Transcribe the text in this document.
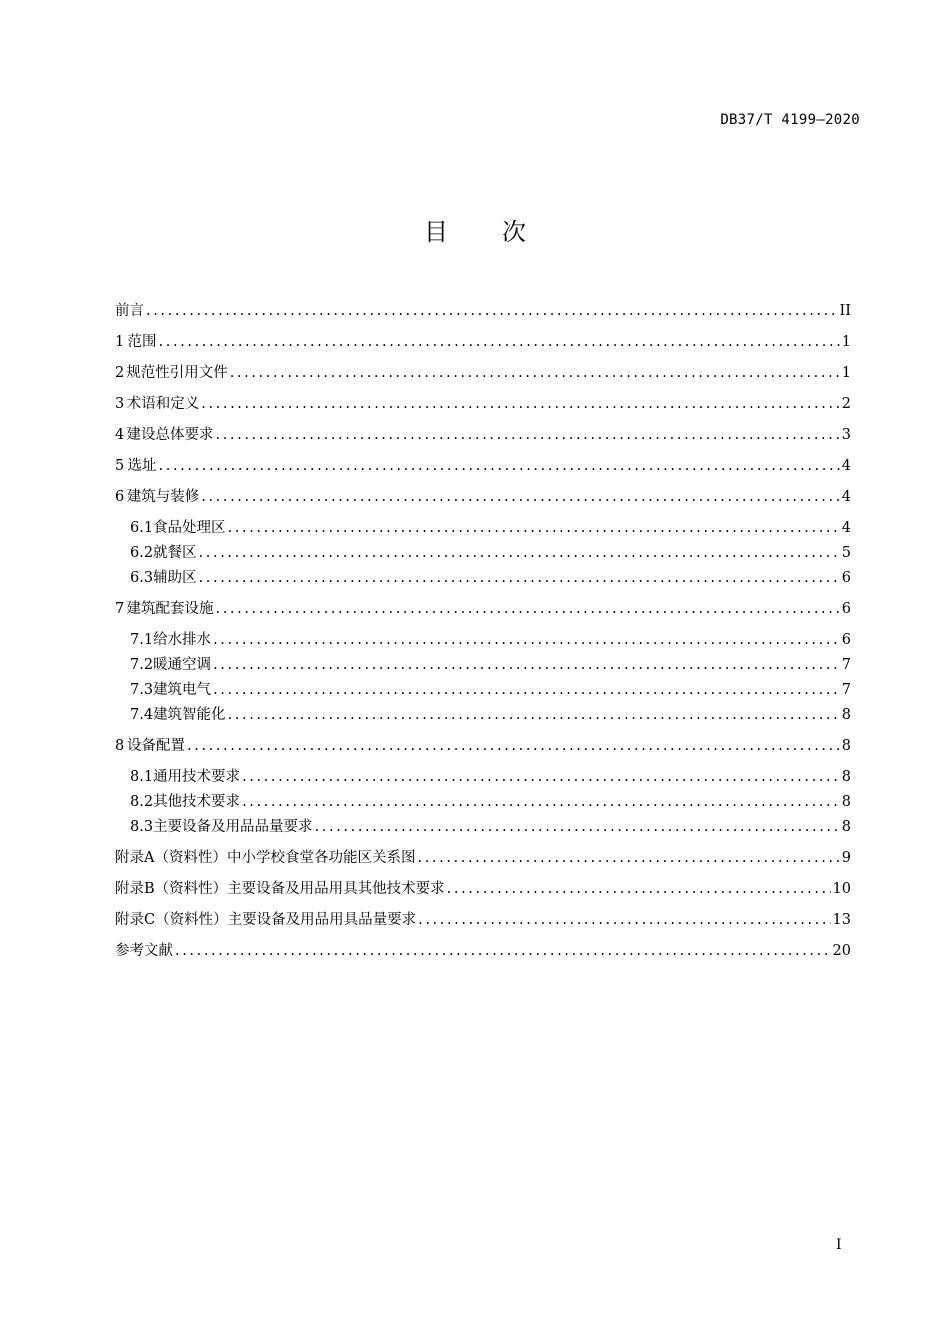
DB37/T 4199—2020
目 次
前言 .....	II
1 范围 .....	1
2 规范性引用文件 .....	1
3 术语和定义 .....	2
4 建设总体要求 .....	3
5 选址 .....	4
6 建筑与装修 .....	4
6.1 食品处理区 .....	4
6.2 就餐区 .....	5
6.3 辅助区 .....	6
7 建筑配套设施 .....	6
7.1 给水排水 .....	6
7.2 暖通空调 .....	7
7.3 建筑电气 .....	7
7.4 建筑智能化 .....	8
8 设备配置 .....	8
8.1 通用技术要求 .....	8
8.2 其他技术要求 .....	8
8.3 主要设备及用品品量要求 .....	8
附录A（资料性） 中小学校食堂各功能区关系图 .....	9
附录B（资料性） 主要设备及用品用具其他技术要求 .....	10
附录C（资料性） 主要设备及用品用具品量要求 .....	13
参考文献 .....	20
I
